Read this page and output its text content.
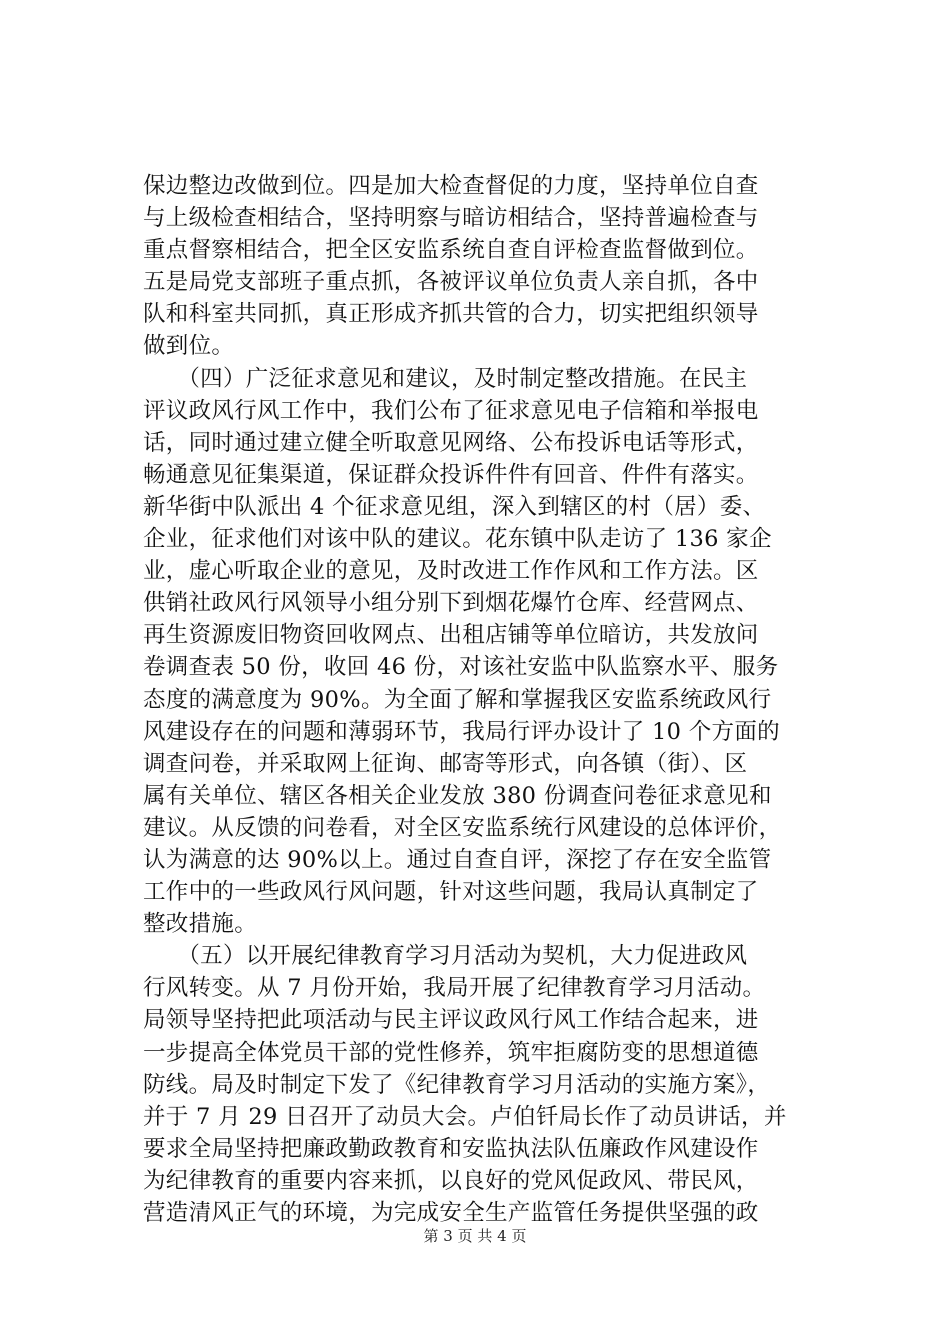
保边整边改做到位。四是加大检查督促的力度，坚持单位自查
与上级检查相结合，坚持明察与暗访相结合，坚持普遍检查与
重点督察相结合，把全区安监系统自查自评检查监督做到位。
五是局党支部班子重点抓，各被评议单位负责人亲自抓，各中
队和科室共同抓，真正形成齐抓共管的合力，切实把组织领导
做到位。
　　（四）广泛征求意见和建议，及时制定整改措施。在民主
评议政风行风工作中，我们公布了征求意见电子信箱和举报电
话，同时通过建立健全听取意见网络、公布投诉电话等形式，
畅通意见征集渠道，保证群众投诉件件有回音、件件有落实。
新华街中队派出 4 个征求意见组，深入到辖区的村（居）委、
企业，征求他们对该中队的建议。花东镇中队走访了 136 家企
业，虚心听取企业的意见，及时改进工作作风和工作方法。区
供销社政风行风领导小组分别下到烟花爆竹仓库、经营网点、
再生资源废旧物资回收网点、出租店铺等单位暗访，共发放问
卷调查表 50 份，收回 46 份，对该社安监中队监察水平、服务
态度的满意度为 90%。为全面了解和掌握我区安监系统政风行
风建设存在的问题和薄弱环节，我局行评办设计了 10 个方面的
调查问卷，并采取网上征询、邮寄等形式，向各镇（街）、区
属有关单位、辖区各相关企业发放 380 份调查问卷征求意见和
建议。从反馈的问卷看，对全区安监系统行风建设的总体评价，
认为满意的达 90%以上。通过自查自评，深挖了存在安全监管
工作中的一些政风行风问题，针对这些问题，我局认真制定了
整改措施。
　　（五）以开展纪律教育学习月活动为契机，大力促进政风
行风转变。从 7 月份开始，我局开展了纪律教育学习月活动。
局领导坚持把此项活动与民主评议政风行风工作结合起来，进
一步提高全体党员干部的党性修养，筑牢拒腐防变的思想道德
防线。局及时制定下发了《纪律教育学习月活动的实施方案》，
并于 7 月 29 日召开了动员大会。卢伯钎局长作了动员讲话，并
要求全局坚持把廉政勤政教育和安监执法队伍廉政作风建设作
为纪律教育的重要内容来抓，以良好的党风促政风、带民风，
营造清风正气的环境，为完成安全生产监管任务提供坚强的政
第 3 页 共 4 页
